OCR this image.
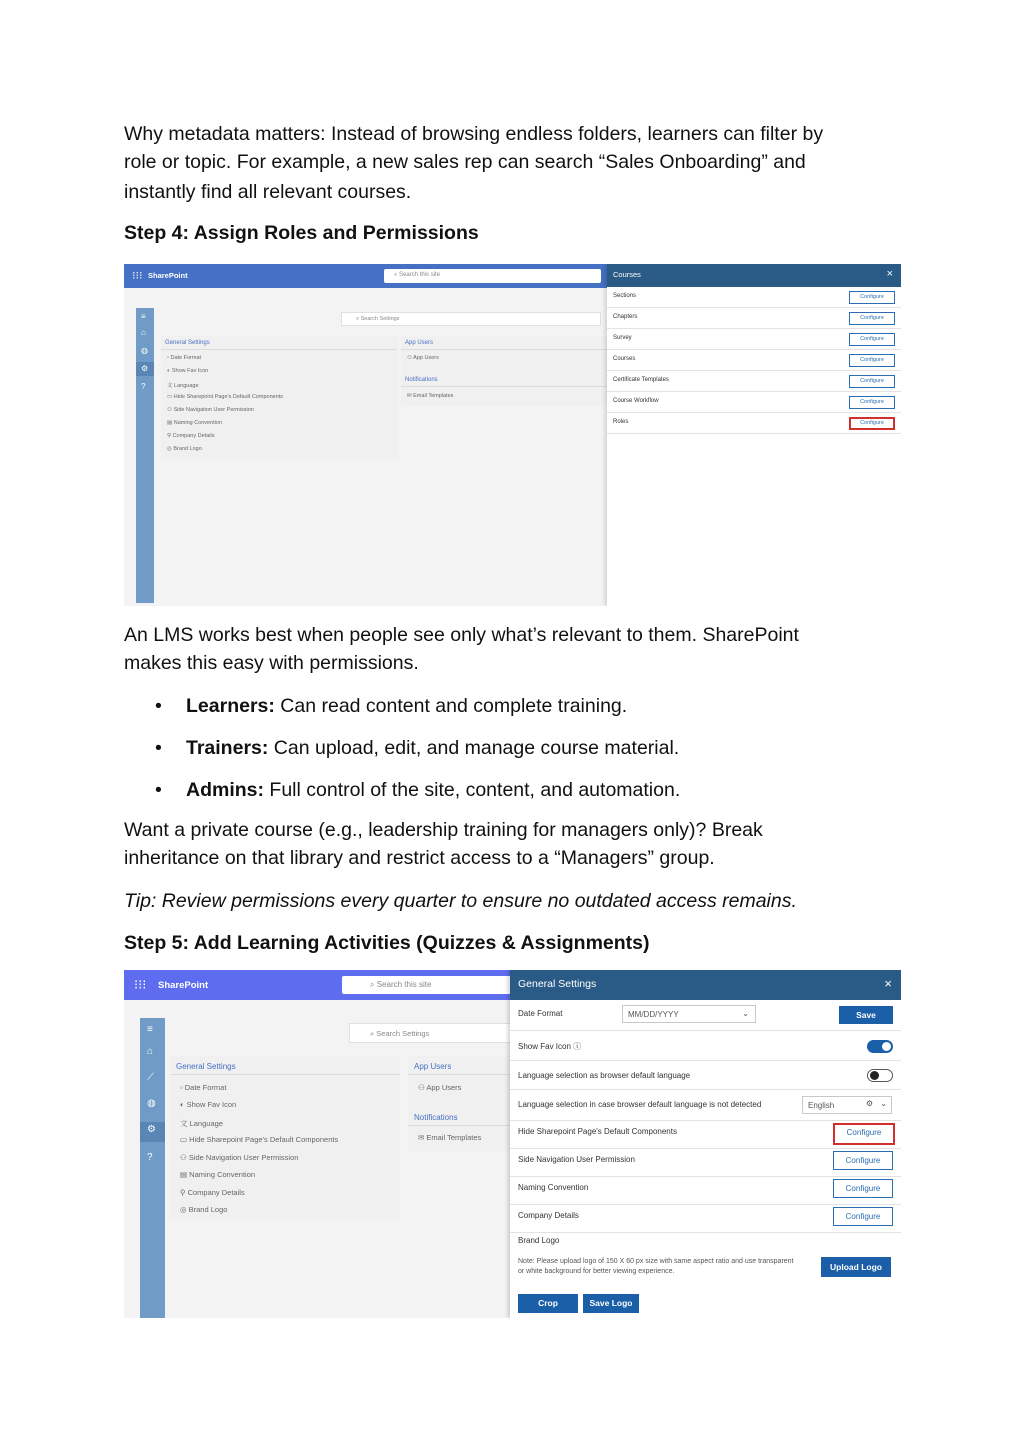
Why metadata matters: Instead of browsing endless folders, learners can filter by
role or topic. For example, a new sales rep can search “Sales Onboarding” and
instantly find all relevant courses.
Step 4: Assign Roles and Permissions
⁝⁝⁝ SharePoint	⌕ Search this site
≡
⌂
◍
⚙
?
⌕ Search Settings
General Settings
▫ Date Format
◐ Show Fav Icon
文 Language
▭ Hide Sharepoint Page's Default Components
⚇ Side Navigation User Permission
▤ Naming Convention
⚲ Company Details
◎ Brand Logo
App Users
⚇ App Users
Notifications
✉ Email Templates
Courses	×
Sections	Configure
Chapters	Configure
Survey	Configure
Courses	Configure
Certificate Templates	Configure
Course Workflow	Configure
Roles	Configure
An LMS works best when people see only what’s relevant to them. SharePoint
makes this easy with permissions.
• Learners: Can read content and complete training.
• Trainers: Can upload, edit, and manage course material.
• Admins: Full control of the site, content, and automation.
Want a private course (e.g., leadership training for managers only)? Break
inheritance on that library and restrict access to a “Managers” group.
Tip: Review permissions every quarter to ensure no outdated access remains.
Step 5: Add Learning Activities (Quizzes & Assignments)
⁝⁝⁝ SharePoint	⌕ Search this site
≡
⌂
⟋
◍
⚙
?
⌕ Search Settings
General Settings
▫ Date Format
◐ Show Fav Icon
文 Language
▭ Hide Sharepoint Page's Default Components
⚇ Side Navigation User Permission
▤ Naming Convention
⚲ Company Details
◎ Brand Logo
App Users
⚇ App Users
Notifications
✉ Email Templates
General Settings	×
Date Format	MM/DD/YYYY	⌄	Save
Show Fav Icon ⓘ
Language selection as browser default language
Language selection in case browser default language is not detected	English	⚙ ⌄
Hide Sharepoint Page's Default Components	Configure
Side Navigation User Permission	Configure
Naming Convention	Configure
Company Details	Configure
Brand Logo
Note: Please upload logo of 150 X 60 px size with same aspect ratio and use transparent or white background for better viewing experience.	Upload Logo
Crop	Save Logo
